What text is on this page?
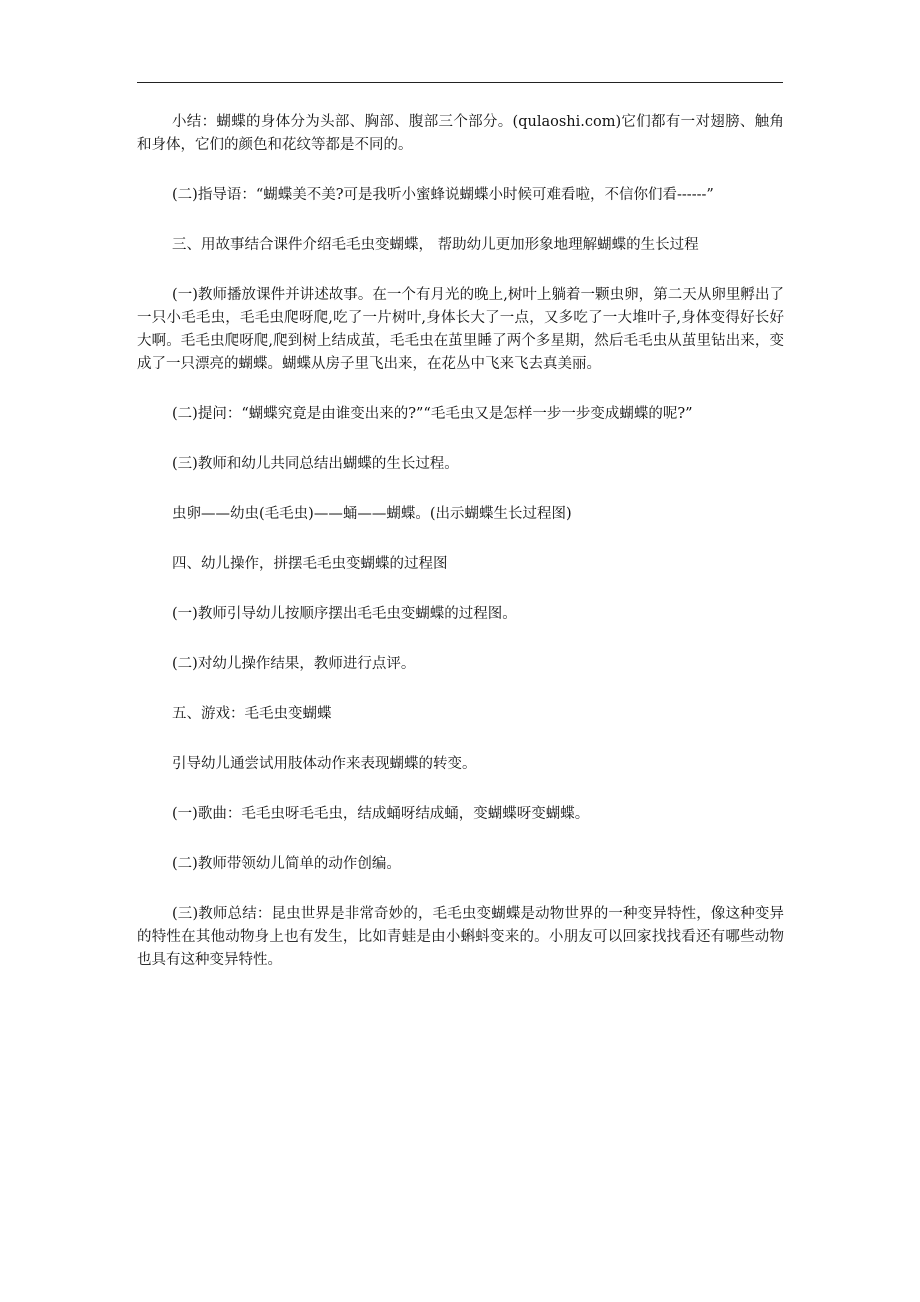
小结：蝴蝶的身体分为头部、胸部、腹部三个部分。(qulaoshi.com)它们都有一对翅膀、触角和身体，它们的颜色和花纹等都是不同的。

(二)指导语：“蝴蝶美不美?可是我听小蜜蜂说蝴蝶小时候可难看啦，不信你们看------”

三、用故事结合课件介绍毛毛虫变蝴蝶， 帮助幼儿更加形象地理解蝴蝶的生长过程

(一)教师播放课件并讲述故事。在一个有月光的晚上,树叶上躺着一颗虫卵，第二天从卵里孵出了一只小毛毛虫，毛毛虫爬呀爬,吃了一片树叶,身体长大了一点，又多吃了一大堆叶子,身体变得好长好大啊。毛毛虫爬呀爬,爬到树上结成茧，毛毛虫在茧里睡了两个多星期，然后毛毛虫从茧里钻出来，变成了一只漂亮的蝴蝶。蝴蝶从房子里飞出来，在花丛中飞来飞去真美丽。

(二)提问：“蝴蝶究竟是由谁变出来的?”“毛毛虫又是怎样一步一步变成蝴蝶的呢?”

(三)教师和幼儿共同总结出蝴蝶的生长过程。

虫卵——幼虫(毛毛虫)——蛹——蝴蝶。(出示蝴蝶生长过程图)

四、幼儿操作，拼摆毛毛虫变蝴蝶的过程图

(一)教师引导幼儿按顺序摆出毛毛虫变蝴蝶的过程图。

(二)对幼儿操作结果，教师进行点评。

五、游戏：毛毛虫变蝴蝶

引导幼儿通尝试用肢体动作来表现蝴蝶的转变。

(一)歌曲：毛毛虫呀毛毛虫，结成蛹呀结成蛹，变蝴蝶呀变蝴蝶。

(二)教师带领幼儿简单的动作创编。

(三)教师总结：昆虫世界是非常奇妙的，毛毛虫变蝴蝶是动物世界的一种变异特性，像这种变异的特性在其他动物身上也有发生，比如青蛙是由小蝌蚪变来的。小朋友可以回家找找看还有哪些动物也具有这种变异特性。
